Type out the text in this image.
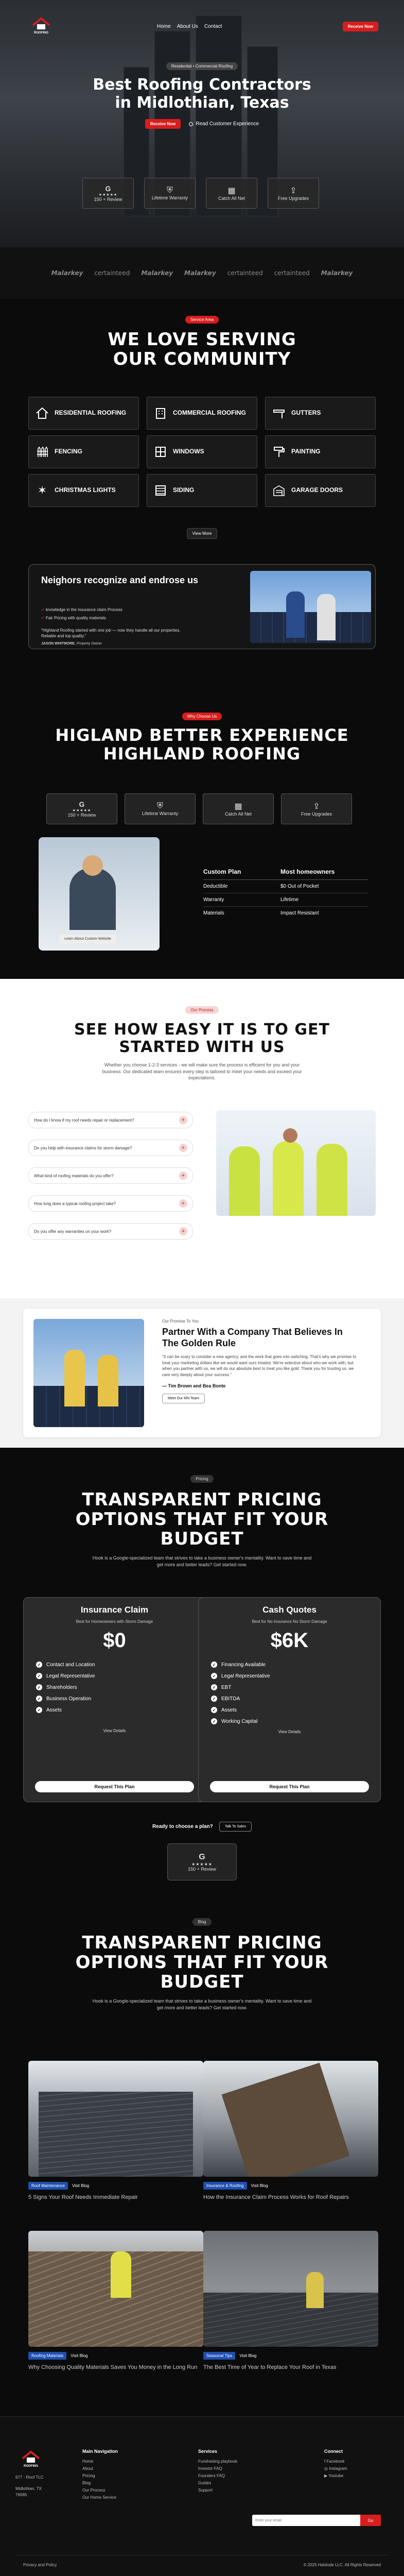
ROOFING
Home About Us Contact	Receive Now
Residential • Commercial Roofing
Best Roofing Contractors in Midlothian, Texas
Receive Now	Read Customer Experience
G
★★★★★
150 + Review
⛨
Lifetime Warranty
▦
Catch All Net
⇪
Free Upgrades
Malarkey certainteed Malarkey Malarkey certainteed certainteed Malarkey
Service Area
WE LOVE SERVING OUR COMMUNITY
RESIDENTIAL ROOFING	COMMERCIAL ROOFING	GUTTERS
FENCING	WINDOWS	PAINTING
✶	CHRISTMAS LIGHTS	SIDING	GARAGE DOORS
View More
Neighors recognize and endrose us
✔ knowledge in the insurance claim Process
✔ Fair Pricing with quality materials
"Highland Roofing started with one job — now they handle all our properties. Reliable and top quality."
JASON WHITMORE, Property Owner
Why Choose Us
HIGLAND BETTER EXPERIENCE HIGHLAND ROOFING
G
★★★★★
150 + Review
⛨
Lifetime Warranty
▦
Catch All Net
⇪
Free Upgrades
Learn About Custom Website
Custom Plan	Most homeowners
Deductible	$0 Out of Pocket
Warranty	Lifetime
Materials	Impact Resistant
Our Process
SEE HOW EASY IT IS TO GET STARTED WITH US

Whether you choose 1-2-3 services - we will make sure the process is efficient for you and your business. Our dedicated team ensures every step is tailored to meet your needs and exceed your expectations.

How do I know if my roof needs repair or replacement?	+
Do you help with insurance claims for storm damage?	+
What kind of roofing materials do you offer?	+
How long does a typical roofing project take?	+
Do you offer any warranties on your work?	+
Our Promise To You
Partner With a Company That Believes In The Golden Rule
"It can be scary to consider a new agency, and the work that goes into switching. That's why we promise to treat your marketing dollars like we would want ours treated. We're selective about who we work with, but when you partner with us, we will do our absolute best to treat you like gold. Thank you for trusting us, we care very deeply about your success."
— Tim Brown and Bea Bonte
Meet Our MN Team
Pricing
TRANSPARENT PRICING OPTIONS THAT FIT YOUR BUDGET

Hook is a Google-specialized team that strives to take a business owner's mentality. Want to save time and get more and better leads? Get started now.

Insurance Claim
Best for Homeowners with Storm Damage
$0
✓ Contact and Location
✓ Legal Representative
✓ Shareholders
✓ Business Operation
✓ Assets
View Details
Request This Plan
Cash Quotes
Best for No Insurance No Storm Damage
$6K
✓ Financing Available
✓ Legal Representative
✓ EBT
✓ EBITDA
✓ Assets
✓ Working Capital
View Details
Request This Plan
Ready to choose a plan?	Talk To Sales
G
★★★★★
150 + Review
Blog
TRANSPARENT PRICING OPTIONS THAT FIT YOUR BUDGET

Hook is a Google-specialized team that strives to take a business owner's mentality. Want to save time and get more and better leads? Get started now.

Roof Maintenance	Visit Blog
5 Signs Your Roof Needs Immediate Repair
Insurance & Roofing	Visit Blog
How the Insurance Claim Process Works for Roof Repairs
Roofing Materials	Visit Blog
Why Choosing Quality Materials Saves You Money in the Long Run
Seasonal Tips	Visit Blog
The Best Time of Year to Replace Your Roof in Texas
ROOFING
677 - Roof TLC
Midlothian, TX
76065
Main Navigation
Home
About
Pricing
Blog
Our Process
Our Home Service
Services
Fundraising playbook
Investor FAQ
Founders FAQ
Guides
Support
Connect
f Facebook
◎ Instagram
▶ Youtube
Enter your email
Go
Privacy and Policy	© 2025 Halslode LLC. All Rights Reserved
